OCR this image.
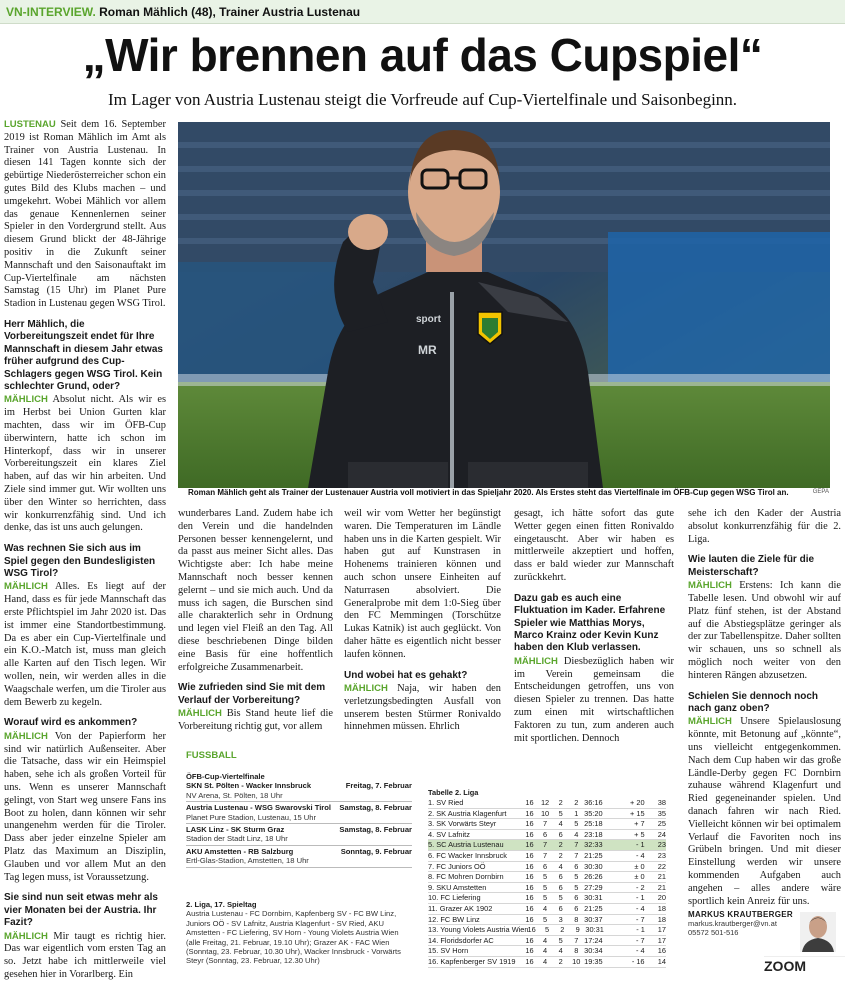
VN-INTERVIEW. Roman Mählich (48), Trainer Austria Lustenau
„Wir brennen auf das Cupspiel“
Im Lager von Austria Lustenau steigt die Vorfreude auf Cup-Viertelfinale und Saisonbeginn.

LUSTENAU Seit dem 16. September 2019 ist Roman Mählich im Amt als Trainer von Austria Lustenau. In diesen 141 Tagen konnte sich der gebürtige Niederösterreicher schon ein gutes Bild des Klubs machen – und umgekehrt. Wobei Mählich vor allem das genaue Kennenlernen seiner Spieler in den Vordergrund stellt. Aus diesem Grund blickt der 48-Jährige positiv in die Zukunft seiner Mannschaft und den Saisonauftakt im Cup-Viertelfinale am nächsten Samstag (15 Uhr) im Planet Pure Stadion in Lustenau gegen WSG Tirol.

Herr Mählich, die Vorbereitungszeit endet für Ihre Mannschaft in diesem Jahr etwas früher aufgrund des Cup-Schlagers gegen WSG Tirol. Kein schlechter Grund, oder?

MÄHLICH Absolut nicht. Als wir es im Herbst bei Union Gurten klar machten, dass wir im ÖFB-Cup überwintern, hatte ich schon im Hinterkopf, dass wir in unserer Vorbereitungszeit ein klares Ziel haben, auf das wir hin arbeiten. Und Ziele sind immer gut. Wir wollten uns über den Winter so herrichten, dass wir konkurrenzfähig sind. Und ich denke, das ist uns auch gelungen.

Was rechnen Sie sich aus im Spiel gegen den Bundesligisten WSG Tirol?

MÄHLICH Alles. Es liegt auf der Hand, dass es für jede Mannschaft das erste Pflichtspiel im Jahr 2020 ist. Das ist immer eine Standortbestimmung. Da es aber ein Cup-Viertelfinale und ein K.O.-Match ist, muss man gleich alle Karten auf den Tisch legen. Wir wollen, nein, wir werden alles in die Waagschale werfen, um die Tiroler aus dem Bewerb zu kegeln.

Worauf wird es ankommen?

MÄHLICH Von der Papierform her sind wir natürlich Außenseiter. Aber die Tatsache, dass wir ein Heimspiel haben, sehe ich als großen Vorteil für uns. Wenn es unserer Mannschaft gelingt, von Start weg unsere Fans ins Boot zu holen, dann können wir sehr unangenehm werden für die Tiroler. Dass aber jeder einzelne Spieler am Platz das Maximum an Disziplin, Glauben und vor allem Mut an den Tag legen muss, ist Voraussetzung.

Sie sind nun seit etwas mehr als vier Monaten bei der Austria. Ihr Fazit?

MÄHLICH Mir taugt es richtig hier. Das war eigentlich vom ersten Tag an so. Jetzt habe ich mittlerweile viel gesehen hier in Vorarlberg. Ein

sport
MR
Roman Mählich geht als Trainer der Lustenauer Austria voll motiviert in das Spieljahr 2020. Als Erstes steht das Viertelfinale im ÖFB-Cup gegen WSG Tirol an.	GEPA

wunderbares Land. Zudem habe ich den Verein und die handelnden Personen besser kennengelernt, und da passt aus meiner Sicht alles. Das Wichtigste aber: Ich habe meine Mannschaft noch besser kennen gelernt – und sie mich auch. Und da muss ich sagen, die Burschen sind alle charakterlich sehr in Ordnung und legen viel Fleiß an den Tag. All diese beschriebenen Dinge bilden eine Basis für eine hoffentlich erfolgreiche Zusammenarbeit.

Wie zufrieden sind Sie mit dem Verlauf der Vorbereitung?

MÄHLICH Bis Stand heute lief die Vorbereitung richtig gut, vor allem

weil wir vom Wetter her begünstigt waren. Die Temperaturen im Ländle haben uns in die Karten gespielt. Wir haben gut auf Kunstrasen in Hohenems trainieren können und auch schon unsere Einheiten auf Naturrasen absolviert. Die Generalprobe mit dem 1:0-Sieg über den FC Memmingen (Torschütze Lukas Katnik) ist auch geglückt. Von daher hätte es eigentlich nicht besser laufen können.

Und wobei hat es gehakt?

MÄHLICH Naja, wir haben den verletzungsbedingten Ausfall von unserem besten Stürmer Ronivaldo hinnehmen müssen. Ehrlich

gesagt, ich hätte sofort das gute Wetter gegen einen fitten Ronivaldo eingetauscht. Aber wir haben es mittlerweile akzeptiert und hoffen, dass er bald wieder zur Mannschaft zurückkehrt.

Dazu gab es auch eine Fluktuation im Kader. Erfahrene Spieler wie Matthias Morys, Marco Krainz oder Kevin Kunz haben den Klub verlassen.

MÄHLICH Diesbezüglich haben wir im Verein gemeinsam die Entscheidungen getroffen, uns von diesen Spieler zu trennen. Das hatte zum einen mit wirtschaftlichen Faktoren zu tun, zum anderen auch mit sportlichen. Dennoch

sehe ich den Kader der Austria absolut konkurrenzfähig für die 2. Liga.

Wie lauten die Ziele für die Meisterschaft?

MÄHLICH Erstens: Ich kann die Tabelle lesen. Und obwohl wir auf Platz fünf stehen, ist der Abstand auf die Abstiegsplätze geringer als der zur Tabellenspitze. Daher sollten wir schauen, uns so schnell als möglich noch weiter von den hinteren Rängen abzusetzen.

Schielen Sie dennoch noch nach ganz oben?

MÄHLICH Unsere Spielauslosung könnte, mit Betonung auf „könnte“, uns vielleicht entgegenkommen. Nach dem Cup haben wir das große Ländle-Derby gegen FC Dornbirn zuhause während Klagenfurt und Ried gegeneinander spielen. Und danach fahren wir nach Ried. Vielleicht können wir bei optimalem Verlauf die Favoriten noch ins Grübeln bringen. Und mit dieser Einstellung werden wir unsere kommenden Aufgaben auch angehen – alles andere wäre sportlich kein Anreiz für uns.

FUSSBALL
ÖFB-Cup-Viertelfinale
SKN St. Pölten - Wacker Innsbruck	Freitag, 7. Februar
NV Arena, St. Pölten, 18 Uhr
Austria Lustenau - WSG Swarovski Tirol Samstag, 8. Februar
Planet Pure Stadion, Lustenau, 15 Uhr
LASK Linz - SK Sturm Graz	Samstag, 8. Februar
Stadion der Stadt Linz, 18 Uhr
AKU Amstetten - RB Salzburg	Sonntag, 9. Februar
Ertl-Glas-Stadion, Amstetten, 18 Uhr
2. Liga, 17. Spieltag
Austria Lustenau - FC Dornbirn, Kapfenberg SV - FC BW Linz, Juniors OÖ - SV Lafnitz, Austria Klagenfurt - SV Ried, AKU Amstetten - FC Liefering, SV Horn - Young Violets Austria Wien (alle Freitag, 21. Februar, 19.10 Uhr); Grazer AK - FAC Wien (Sonntag, 23. Februar, 10.30 Uhr), Wacker Innsbruck - Vorwärts Steyr (Sonntag, 23. Februar, 12.30 Uhr)
Tabelle 2. Liga
1. SV Ried	16 12	2	2 36:16	+ 20	38
2. SK Austria Klagenfurt	16 10	5	1 35:20	+ 15	35
3. SK Vorwärts Steyr	16	7	4	5 25:18	+ 7	25
4. SV Lafnitz	16	6	6	4 23:18	+ 5	24
5. SC Austria Lustenau	16	7	2	7 32:33	- 1	23
6. FC Wacker Innsbruck	16	7	2	7 21:25	- 4	23
7. FC Juniors OÖ	16	6	4	6 30:30	± 0	22
8. FC Mohren Dornbirn	16	5	6	5 26:26	± 0	21
9. SKU Amstetten	16	5	6	5 27:29	- 2	21
10. FC Liefering	16	5	5	6 30:31	- 1	20
11. Grazer AK 1902	16	4	6	6 21:25	- 4	18
12. FC BW Linz	16	5	3	8 30:37	- 7	18
13. Young Violets Austria Wien 16	5	2	9 30:31	- 1	17
14. Floridsdorfer AC	16	4	5	7 17:24	- 7	17
15. SV Horn	16	4	4	8 30:34	- 4	16
16. Kapfenberger SV 1919	16	4	2	10 19:35	- 16	14
MARKUS KRAUTBERGER
markus.krautberger@vn.at
05572 501-516
ZOOM
